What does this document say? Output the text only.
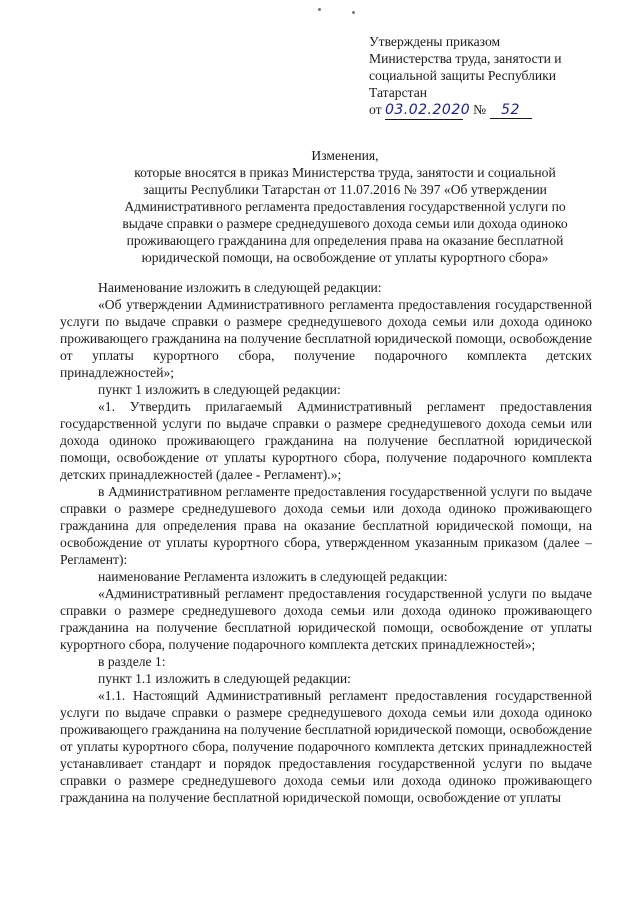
Утверждены приказом
Министерства труда, занятости и
социальной защиты Республики
Татарстан
от 03.02.2020 № 52
Изменения,
которые вносятся в приказ Министерства труда, занятости и социальной
защиты Республики Татарстан от 11.07.2016 № 397 «Об утверждении
Административного регламента предоставления государственной услуги по
выдаче справки о размере среднедушевого дохода семьи или дохода одиноко
проживающего гражданина для определения права на оказание бесплатной
юридической помощи, на освобождение от уплаты курортного сбора»

Наименование изложить в следующей редакции:

«Об утверждении Административного регламента предоставления государственной услуги по выдаче справки о размере среднедушевого дохода семьи или дохода одиноко проживающего гражданина на получение бесплатной юридической помощи, освобождение от уплаты курортного сбора, получение подарочного комплекта детских принадлежностей»;

пункт 1 изложить в следующей редакции:

«1. Утвердить прилагаемый Административный регламент предоставления государственной услуги по выдаче справки о размере среднедушевого дохода семьи или дохода одиноко проживающего гражданина на получение бесплатной юридической помощи, освобождение от уплаты курортного сбора, получение подарочного комплекта детских принадлежностей (далее - Регламент).»;

в Административном регламенте предоставления государственной услуги по выдаче справки о размере среднедушевого дохода семьи или дохода одиноко проживающего гражданина для определения права на оказание бесплатной юридической помощи, на освобождение от уплаты курортного сбора, утвержденном указанным приказом (далее – Регламент):

наименование Регламента изложить в следующей редакции:

«Административный регламент предоставления государственной услуги по выдаче справки о размере среднедушевого дохода семьи или дохода одиноко проживающего гражданина на получение бесплатной юридической помощи, освобождение от уплаты курортного сбора, получение подарочного комплекта детских принадлежностей»;

в разделе 1:

пункт 1.1 изложить в следующей редакции:

«1.1. Настоящий Административный регламент предоставления государственной услуги по выдаче справки о размере среднедушевого дохода семьи или дохода одиноко проживающего гражданина на получение бесплатной юридической помощи, освобождение от уплаты курортного сбора, получение подарочного комплекта детских принадлежностей устанавливает стандарт и порядок предоставления государственной услуги по выдаче справки о размере среднедушевого дохода семьи или дохода одиноко проживающего гражданина на получение бесплатной юридической помощи, освобождение от уплаты
